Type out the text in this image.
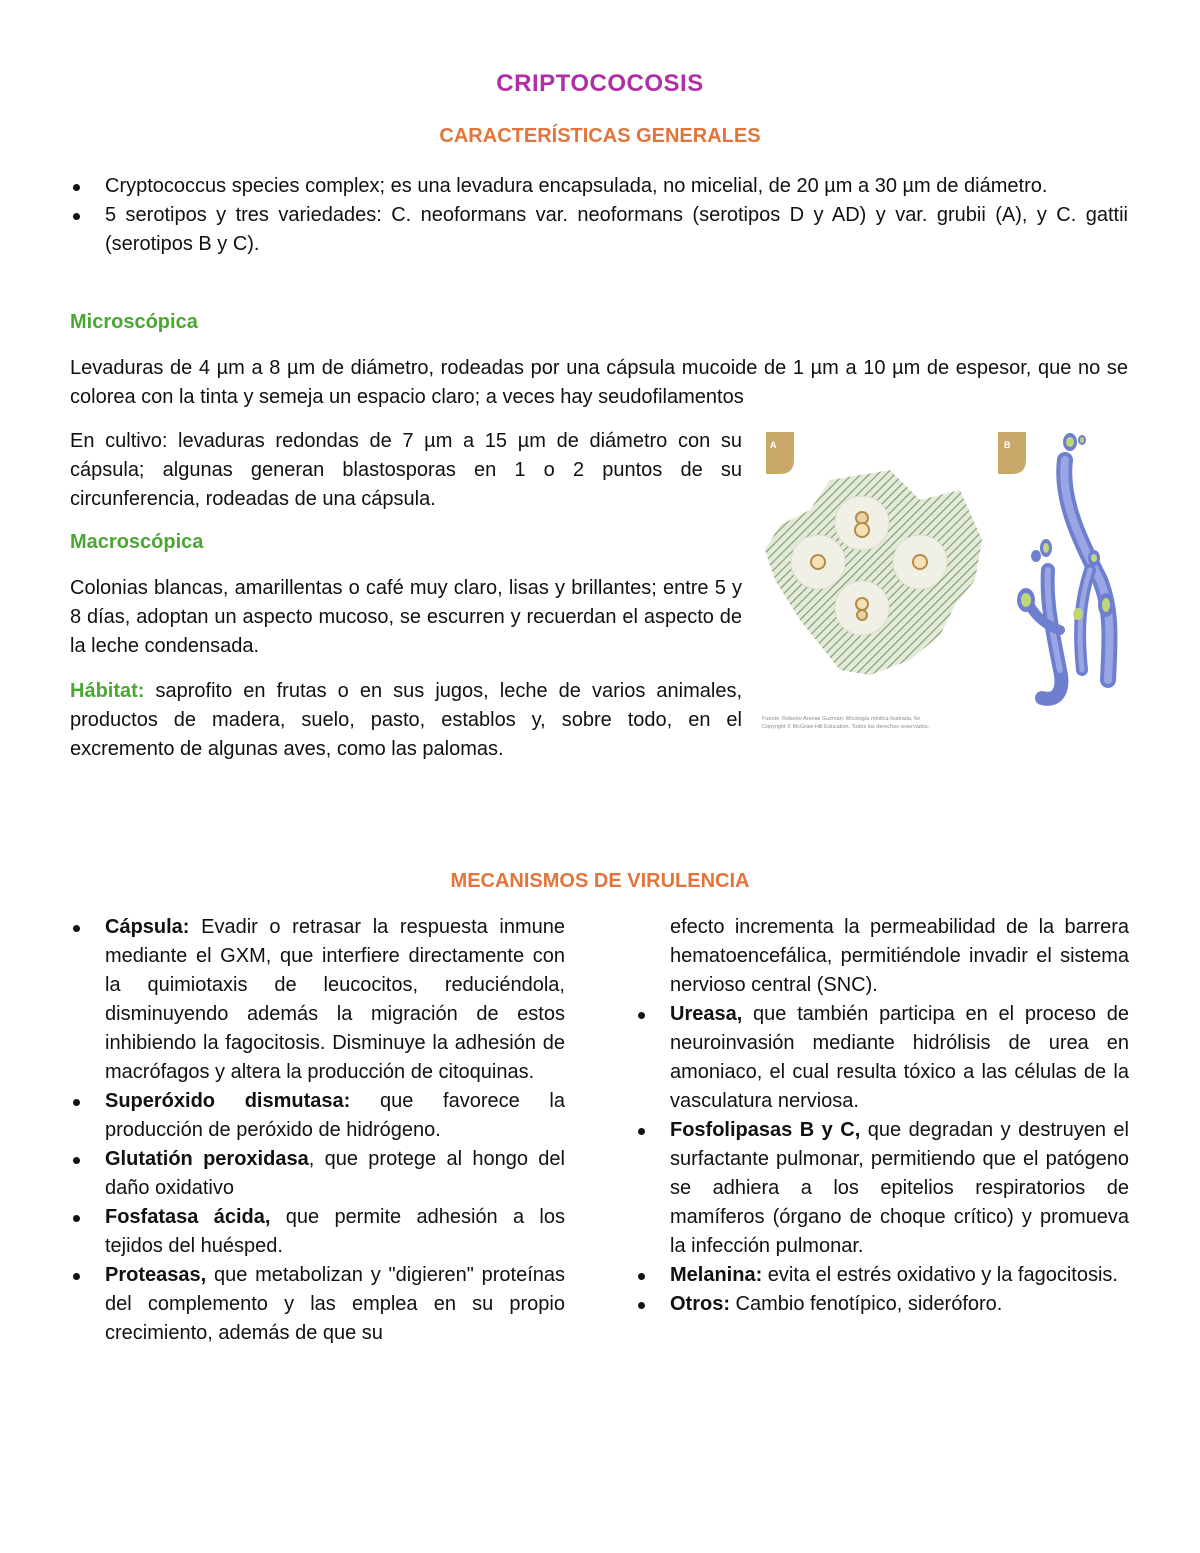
CRIPTOCOCOSIS
CARACTERÍSTICAS GENERALES
Cryptococcus species complex; es una levadura encapsulada, no micelial, de 20 µm a 30 µm de diámetro.
5 serotipos y tres variedades: C. neoformans var. neoformans (serotipos D y AD) y var. grubii (A), y C. gattii (serotipos B y C).
Microscópica

Levaduras de 4 µm a 8 µm de diámetro, rodeadas por una cápsula mucoide de 1 µm a 10 µm de espesor, que no se colorea con la tinta y semeja un espacio claro; a veces hay seudofilamentos

En cultivo: levaduras redondas de 7 µm a 15 µm de diámetro con su cápsula; algunas generan blastosporas en 1 o 2 puntos de su circunferencia, rodeadas de una cápsula.

Macroscópica

Colonias blancas, amarillentas o café muy claro, lisas y brillantes; entre 5 y 8 días, adoptan un aspecto mucoso, se escurren y recuerdan el aspecto de la leche condensada.

Hábitat: saprofito en frutas o en sus jugos, leche de varios animales, productos de madera, suelo, pasto, establos y, sobre todo, en el excremento de algunas aves, como las palomas.

A	B
Fuente: Roberto Arenas Guzmán: Micología médica ilustrada, 6e
Copyright © McGraw-Hill Education. Todos los derechos reservados.
MECANISMOS DE VIRULENCIA
Cápsula: Evadir o retrasar la respuesta inmune mediante el GXM, que interfiere directamente con la quimiotaxis de leucocitos, reduciéndola, disminuyendo además la migración de estos inhibiendo la fagocitosis. Disminuye la adhesión de macrófagos y altera la producción de citoquinas.
Superóxido dismutasa: que favorece la producción de peróxido de hidrógeno.
Glutatión peroxidasa, que protege al hongo del daño oxidativo
Fosfatasa ácida, que permite adhesión a los tejidos del huésped.
Proteasas, que metabolizan y "digieren" proteínas del complemento y las emplea en su propio crecimiento, además de que su
efecto incrementa la permeabilidad de la barrera hematoencefálica, permitiéndole invadir el sistema nervioso central (SNC).
Ureasa, que también participa en el proceso de neuroinvasión mediante hidrólisis de urea en amoniaco, el cual resulta tóxico a las células de la vasculatura nerviosa.
Fosfolipasas B y C, que degradan y destruyen el surfactante pulmonar, permitiendo que el patógeno se adhiera a los epitelios respiratorios de mamíferos (órgano de choque crítico) y promueva la infección pulmonar.
Melanina: evita el estrés oxidativo y la fagocitosis.
Otros: Cambio fenotípico, sideróforo.
